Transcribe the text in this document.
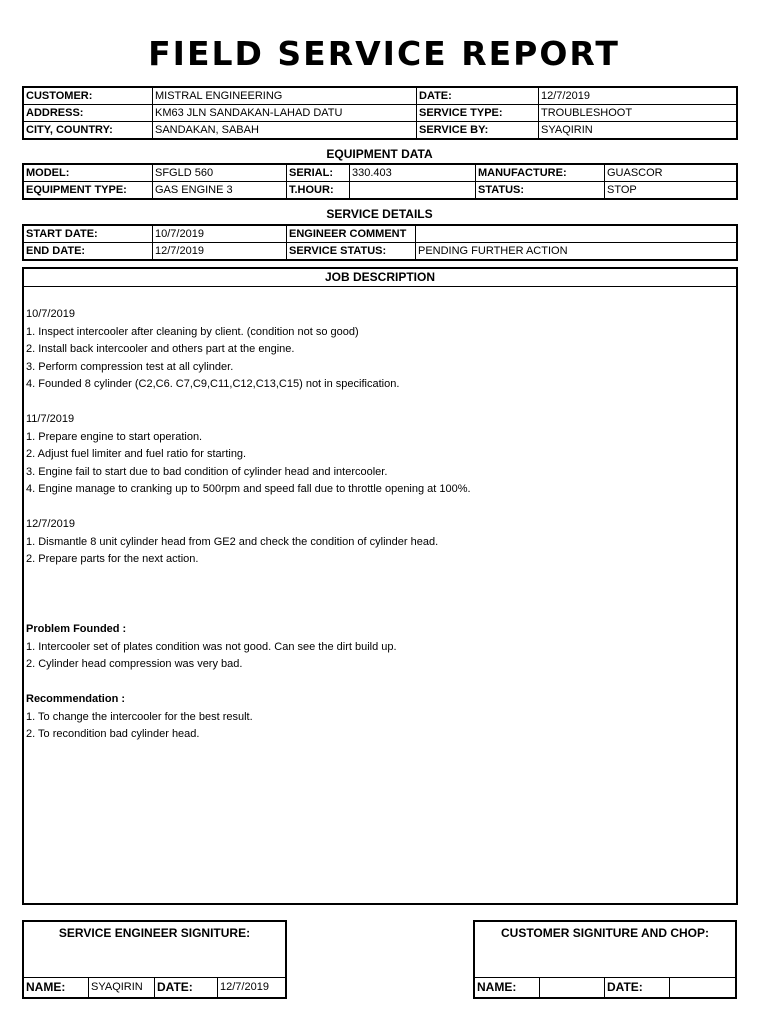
FIELD SERVICE REPORT
CUSTOMER:	MISTRAL ENGINEERING	DATE:	12/7/2019
ADDRESS:	KM63 JLN SANDAKAN-LAHAD DATU	SERVICE TYPE:	TROUBLESHOOT
CITY, COUNTRY:	SANDAKAN, SABAH	SERVICE BY:	SYAQIRIN
EQUIPMENT DATA
MODEL:	SFGLD 560	SERIAL:	330.403	MANUFACTURE:	GUASCOR
EQUIPMENT TYPE:	GAS ENGINE 3	T.HOUR:		STATUS:	STOP
SERVICE DETAILS
START DATE:	10/7/2019	ENGINEER COMMENT	
END DATE:	12/7/2019	SERVICE STATUS:	PENDING FURTHER ACTION
JOB DESCRIPTION
10/7/2019
1. Inspect intercooler after cleaning by client. (condition not so good)
2. Install back intercooler and others part at the engine.
3. Perform compression test at all cylinder.
4. Founded 8 cylinder (C2,C6. C7,C9,C11,C12,C13,C15) not in specification.
11/7/2019
1. Prepare engine to start operation.
2. Adjust fuel limiter and fuel ratio for starting.
3. Engine fail to start due to bad condition of cylinder head and intercooler.
4. Engine manage to cranking up to 500rpm and speed fall due to throttle opening at 100%.
12/7/2019
1. Dismantle 8 unit cylinder head from GE2 and check the condition of cylinder head.
2. Prepare parts for the next action.
Problem Founded :
1. Intercooler set of plates condition was not good. Can see the dirt build up.
2. Cylinder head compression was very bad.
Recommendation :
1. To change the intercooler for the best result.
2. To recondition bad cylinder head.
SERVICE ENGINEER SIGNITURE:
NAME:	SYAQIRIN	DATE:	12/7/2019
CUSTOMER SIGNITURE AND CHOP:
NAME:	DATE:
